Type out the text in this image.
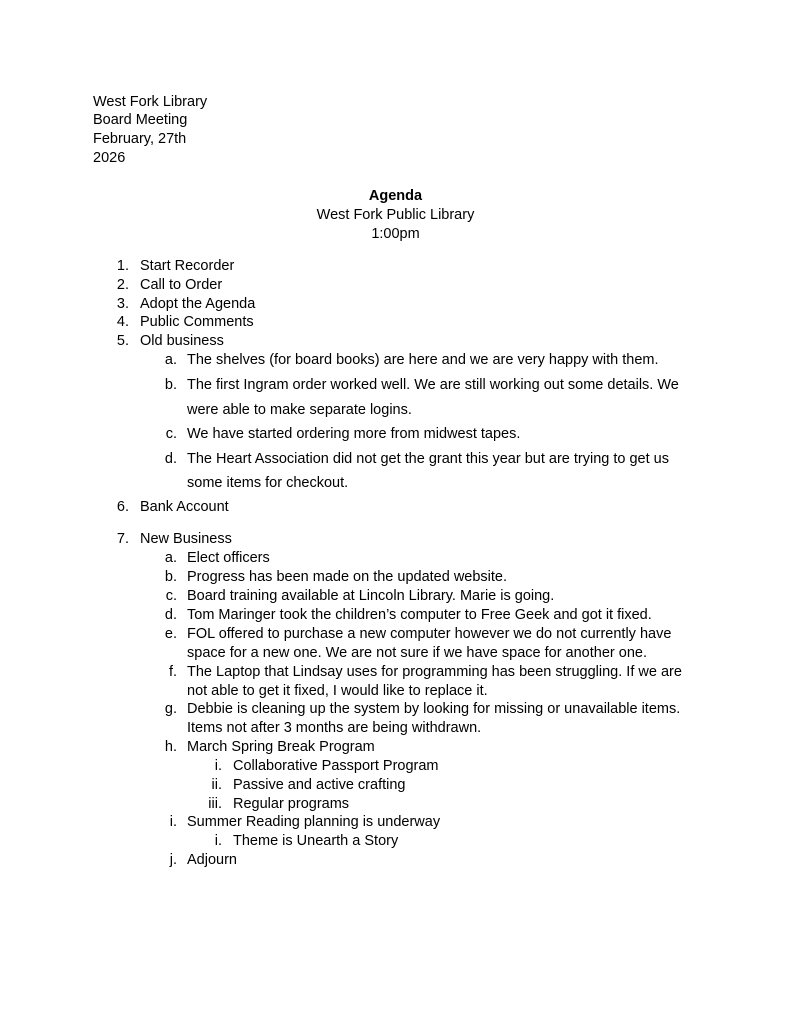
West Fork Library
Board Meeting
February, 27th
2026
Agenda
West Fork Public Library
1:00pm
1. Start Recorder
2. Call to Order
3. Adopt the Agenda
4. Public Comments
5. Old business
a. The shelves (for board books) are here and we are very happy with them.
b. The first Ingram order worked well. We are still working out some details. We
were able to make separate logins.
c. We have started ordering more from midwest tapes.
d. The Heart Association did not get the grant this year but are trying to get us
some items for checkout.
6. Bank Account
7. New Business
a. Elect officers
b. Progress has been made on the updated website.
c. Board training available at Lincoln Library. Marie is going.
d. Tom Maringer took the children’s computer to Free Geek and got it fixed.
e. FOL offered to purchase a new computer however we do not currently have
space for a new one. We are not sure if we have space for another one.
f. The Laptop that Lindsay uses for programming has been struggling. If we are
not able to get it fixed, I would like to replace it.
g. Debbie is cleaning up the system by looking for missing or unavailable items.
Items not after 3 months are being withdrawn.
h. March Spring Break Program
i. Collaborative Passport Program
ii. Passive and active crafting
iii. Regular programs
i. Summer Reading planning is underway
i. Theme is Unearth a Story
j. Adjourn
